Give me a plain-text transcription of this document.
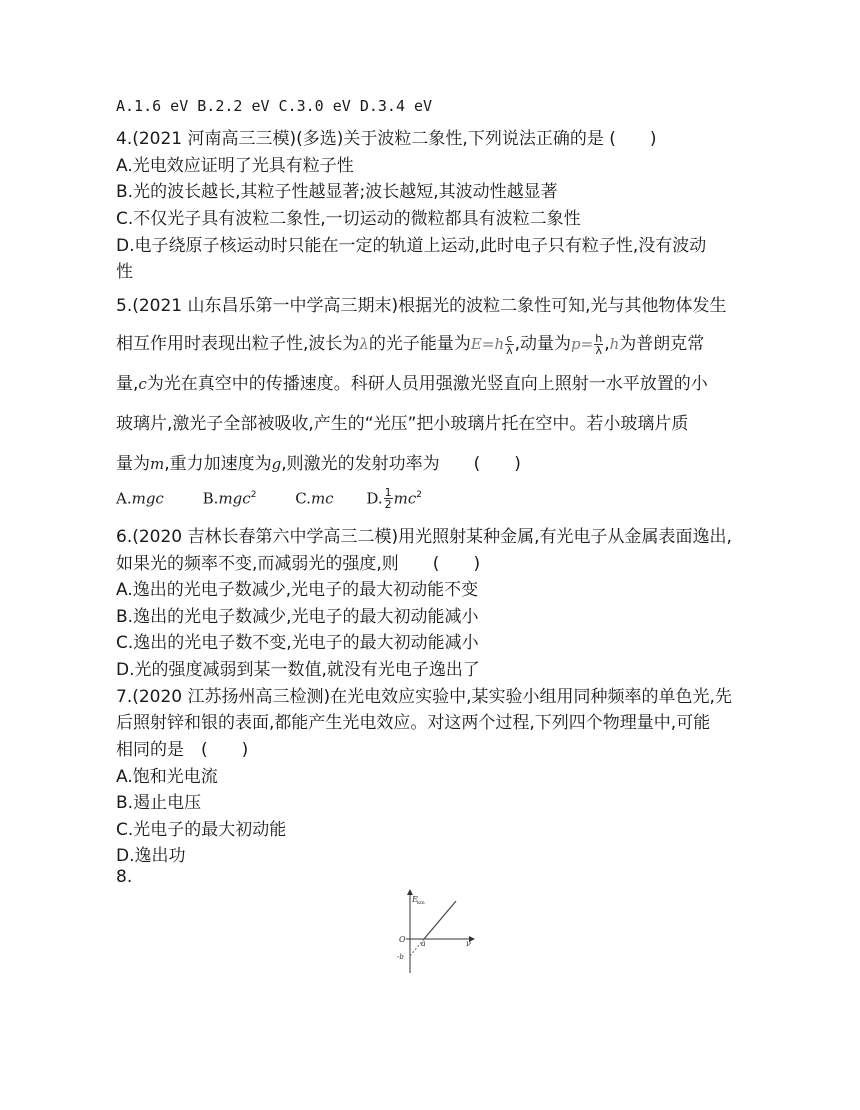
A.1.6 eV B.2.2 eV C.3.0 eV D.3.4 eV
4.(2021 河南高三三模)(多选)关于波粒二象性,下列说法正确的是 (　　)
A.光电效应证明了光具有粒子性
B.光的波长越长,其粒子性越显著;波长越短,其波动性越显著
C.不仅光子具有波粒二象性,一切运动的微粒都具有波粒二象性
D.电子绕原子核运动时只能在一定的轨道上运动,此时电子只有粒子性,没有波动
性
5.(2021 山东昌乐第一中学高三期末)根据光的波粒二象性可知,光与其他物体发生
相互作用时表现出粒子性,波长为λ的光子能量为$E=h \frac{c}{\lambda}$ ,动量为$p= \frac{h}{\lambda} ,h$为普朗克常
量,c为光在真空中的传播速度。科研人员用强激光竖直向上照射一水平放置的小
玻璃片,激光子全部被吸收,产生的“光压”把小玻璃片托在空中。若小玻璃片质
量为m,重力加速度为g,则激光的发射功率为　　(　　)
A.mgc	B.mgc$^2$	C.mc D. $\frac{1}{2} mc^2$
6.(2020 吉林长春第六中学高三二模)用光照射某种金属,有光电子从金属表面逸出,
如果光的频率不变,而减弱光的强度,则　　(　　)
A.逸出的光电子数减少,光电子的最大初动能不变
B.逸出的光电子数减少,光电子的最大初动能减小
C.逸出的光电子数不变,光电子的最大初动能减小
D.光的强度减弱到某一数值,就没有光电子逸出了
7.(2020 江苏扬州高三检测)在光电效应实验中,某实验小组用同种频率的单色光,先
后照射锌和银的表面,都能产生光电效应。对这两个过程,下列四个物理量中,可能
相同的是　(　　)
A.饱和光电流
B.遏止电压
C.光电子的最大初动能
D.逸出功
8.
E km
O a
-b
ν
